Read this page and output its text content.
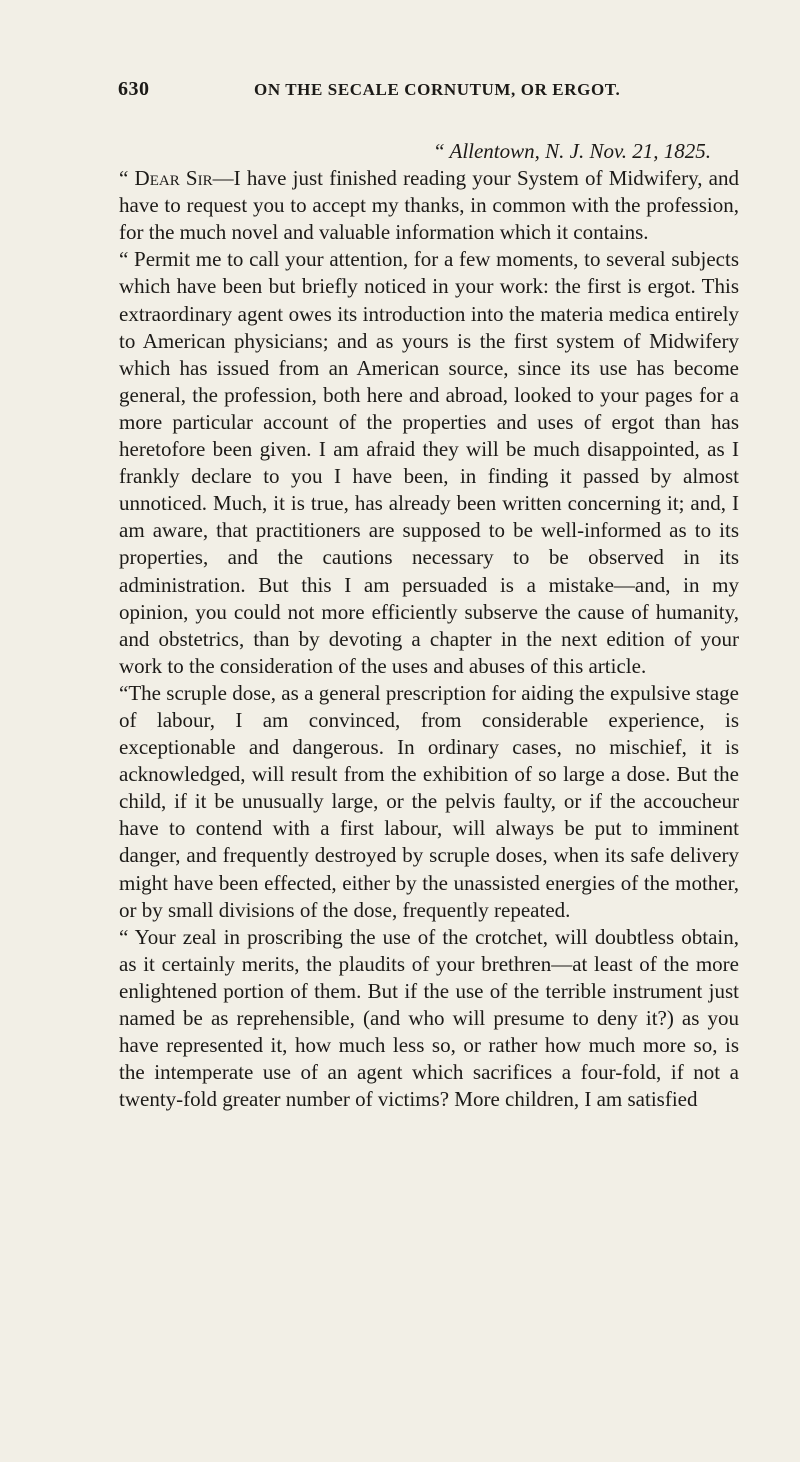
630	ON THE SECALE CORNUTUM, OR ERGOT.

“ Allentown, N. J. Nov. 21, 1825.

“ Dear Sir—I have just finished reading your System of Midwifery, and have to request you to accept my thanks, in common with the profession, for the much novel and valuable information which it contains.

“ Permit me to call your attention, for a few moments, to several subjects which have been but briefly noticed in your work: the first is ergot. This extraordinary agent owes its introduction into the materia medica entirely to American physicians; and as yours is the first system of Midwifery which has issued from an American source, since its use has become general, the profession, both here and abroad, looked to your pages for a more particular account of the properties and uses of ergot than has heretofore been given. I am afraid they will be much disappointed, as I frankly declare to you I have been, in finding it passed by almost unnoticed. Much, it is true, has already been written concerning it; and, I am aware, that practitioners are supposed to be well-informed as to its properties, and the cautions necessary to be observed in its administration. But this I am persuaded is a mistake—and, in my opinion, you could not more efficiently subserve the cause of humanity, and obstetrics, than by devoting a chapter in the next edition of your work to the consideration of the uses and abuses of this article.

“The scruple dose, as a general prescription for aiding the expulsive stage of labour, I am convinced, from considerable experience, is exceptionable and dangerous. In ordinary cases, no mischief, it is acknowledged, will result from the exhibition of so large a dose. But the child, if it be unusually large, or the pelvis faulty, or if the accoucheur have to contend with a first labour, will always be put to imminent danger, and frequently destroyed by scruple doses, when its safe delivery might have been effected, either by the unassisted energies of the mother, or by small divisions of the dose, frequently repeated.

“ Your zeal in proscribing the use of the crotchet, will doubtless obtain, as it certainly merits, the plaudits of your brethren—at least of the more enlightened portion of them. But if the use of the terrible instrument just named be as reprehensible, (and who will presume to deny it?) as you have represented it, how much less so, or rather how much more so, is the intemperate use of an agent which sacrifices a four-fold, if not a twenty-fold greater number of victims? More children, I am satisfied
